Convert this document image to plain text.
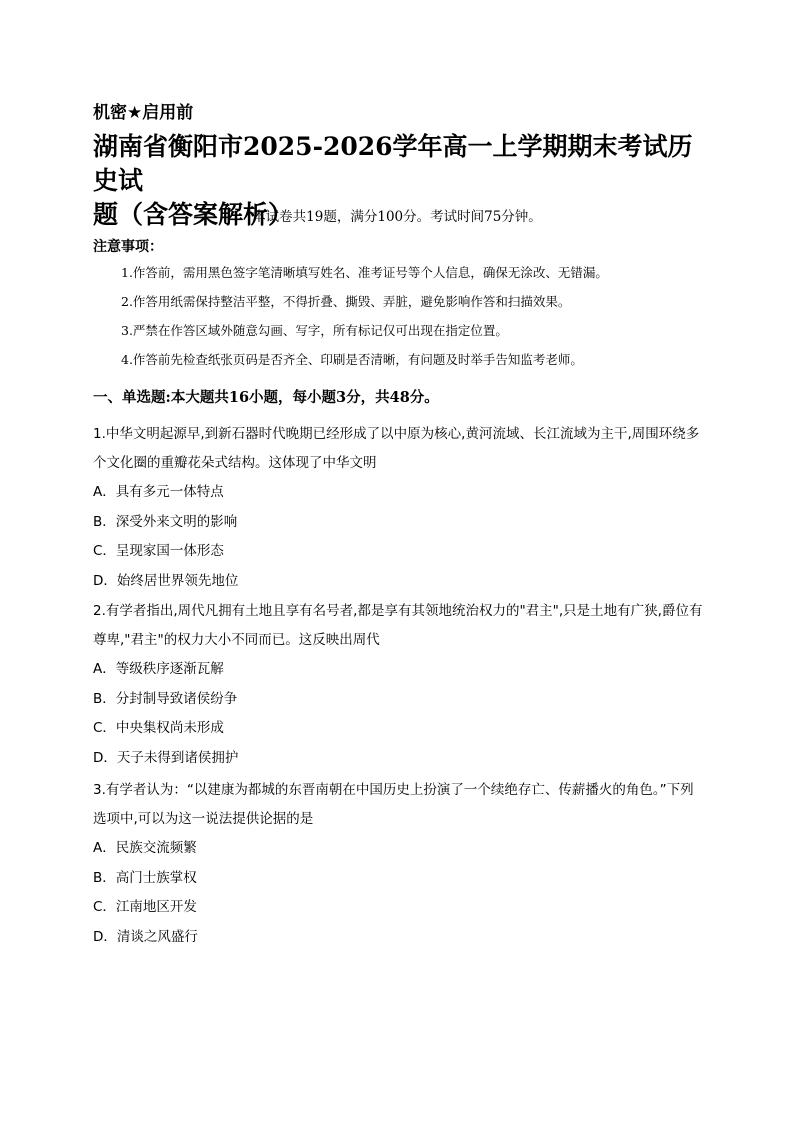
机密★启用前
湖南省衡阳市2025-2026学年高一上学期期末考试历史试
题（含答案解析）
本试卷共19题，满分100分。考试时间75分钟。
注意事项：
1.作答前，需用黑色签字笔清晰填写姓名、准考证号等个人信息，确保无涂改、无错漏。
2.作答用纸需保持整洁平整，不得折叠、撕毁、弄脏，避免影响作答和扫描效果。
3.严禁在作答区域外随意勾画、写字，所有标记仅可出现在指定位置。
4.作答前先检查纸张页码是否齐全、印刷是否清晰，有问题及时举手告知监考老师。
一、单选题:本大题共16小题，每小题3分，共48分。
1.中华文明起源早,到新石器时代晚期已经形成了以中原为核心,黄河流域、长江流域为主干,周围环绕多个文化圈的重瓣花朵式结构。这体现了中华文明
A．具有多元一体特点
B．深受外来文明的影响
C．呈现家国一体形态
D．始终居世界领先地位
2.有学者指出,周代凡拥有土地且享有名号者,都是享有其领地统治权力的"君主",只是土地有广狭,爵位有尊卑,"君主"的权力大小不同而已。这反映出周代
A．等级秩序逐渐瓦解
B．分封制导致诸侯纷争
C．中央集权尚未形成
D．天子未得到诸侯拥护
3.有学者认为：“以建康为都城的东晋南朝在中国历史上扮演了一个续绝存亡、传薪播火的角色。”下列选项中,可以为这一说法提供论据的是
A．民族交流频繁
B．高门士族掌权
C．江南地区开发
D．清谈之风盛行
